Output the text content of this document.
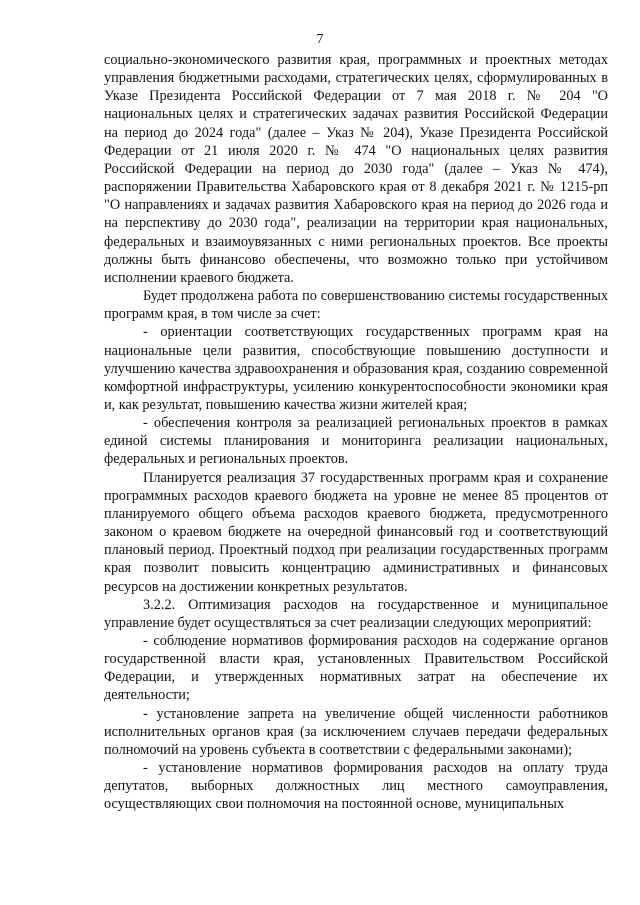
7

социально-экономического развития края, программных и проектных методах управления бюджетными расходами, стратегических целях, сформулированных в Указе Президента Российской Федерации от 7 мая 2018 г. № 204 "О национальных целях и стратегических задачах развития Российской Федерации на период до 2024 года" (далее – Указ № 204), Указе Президента Российской Федерации от 21 июля 2020 г. № 474 "О национальных целях развития Российской Федерации на период до 2030 года" (далее – Указ № 474), распоряжении Правительства Хабаровского края от 8 декабря 2021 г. № 1215-рп "О направлениях и задачах развития Хабаровского края на период до 2026 года и на перспективу до 2030 года", реализации на территории края национальных, федеральных и взаимоувязанных с ними региональных проектов. Все проекты должны быть финансово обеспечены, что возможно только при устойчивом исполнении краевого бюджета.

Будет продолжена работа по совершенствованию системы государственных программ края, в том числе за счет:

- ориентации соответствующих государственных программ края на национальные цели развития, способствующие повышению доступности и улучшению качества здравоохранения и образования края, созданию современной комфортной инфраструктуры, усилению конкурентоспособности экономики края и, как результат, повышению качества жизни жителей края;

- обеспечения контроля за реализацией региональных проектов в рамках единой системы планирования и мониторинга реализации национальных, федеральных и региональных проектов.

Планируется реализация 37 государственных программ края и сохранение программных расходов краевого бюджета на уровне не менее 85 процентов от планируемого общего объема расходов краевого бюджета, предусмотренного законом о краевом бюджете на очередной финансовый год и соответствующий плановый период. Проектный подход при реализации государственных программ края позволит повысить концентрацию административных и финансовых ресурсов на достижении конкретных результатов.

3.2.2. Оптимизация расходов на государственное и муниципальное управление будет осуществляться за счет реализации следующих мероприятий:

- соблюдение нормативов формирования расходов на содержание органов государственной власти края, установленных Правительством Российской Федерации, и утвержденных нормативных затрат на обеспечение их деятельности;

- установление запрета на увеличение общей численности работников исполнительных органов края (за исключением случаев передачи федеральных полномочий на уровень субъекта в соответствии с федеральными законами);

- установление нормативов формирования расходов на оплату труда депутатов, выборных должностных лиц местного самоуправления, осуществляющих свои полномочия на постоянной основе, муниципальных
